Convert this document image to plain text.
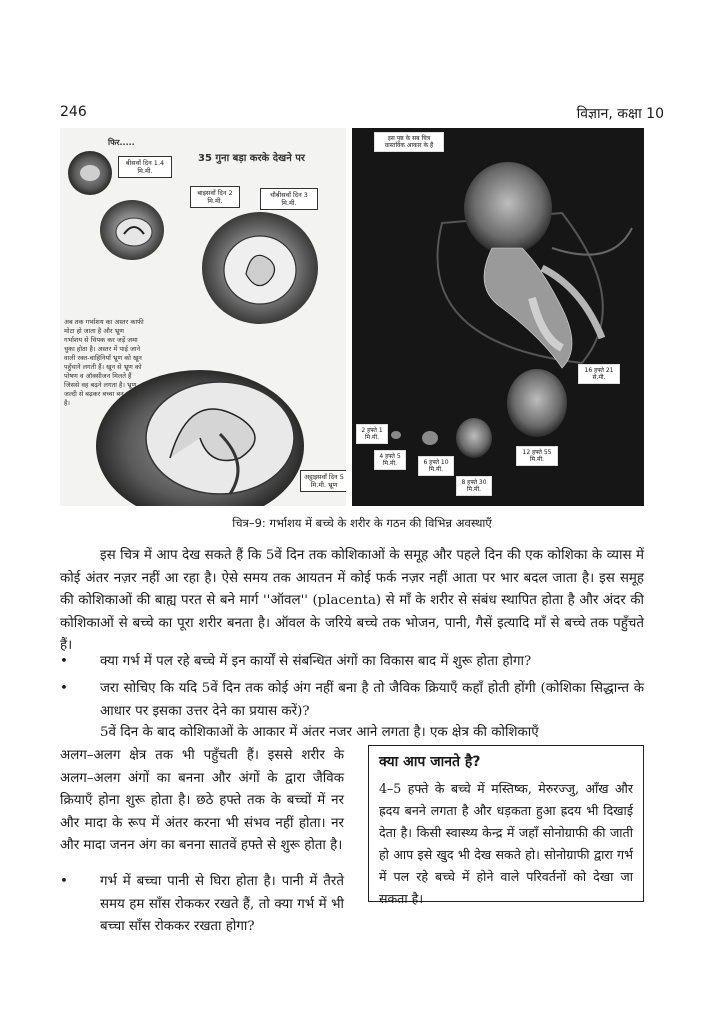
246	विज्ञान, कक्षा 10
फिर.....
35 गुना बड़ा करके देखने पर
बीसवाँ दिन 1.4 मि.मी.
बाइसवाँ दिन 2 मि.मी.
चौबीसवाँ दिन 3 मि.मी.
अब तक गर्भाशय का अस्तर काफी मोटा हो जाता है और भ्रूण गर्भाशय से चिपक कर जड़ें जमा चुका होता है। अस्तर में पाई जाने वाली रक्त-वाहिनियाँ भ्रूण को खून पहुँचाने लगती हैं। खून से भ्रूण को पोषण व ऑक्सीजन मिलते हैं जिससे वह बढ़ने लगता है। भ्रूण जल्दी से बढ़कर बच्चा बन जाता है।
अट्ठाइसवाँ दिन 5 मि.मी. भ्रूण
इस पृष्ठ के सब चित्र वास्तविक आकार के हैं
2 हफ्ते 1 मि.मी.
4 हफ्ते 5 मि.मी.	6 हफ्ते 10 मि.मी.
8 हफ्ते 30 मि.मी.
12 हफ्ते 55 मि.मी.
16 हफ्ते 21 से.मी.
चित्र–9: गर्भाशय में बच्चे के शरीर के गठन की विभिन्न अवस्थाएँ
इस चित्र में आप देख सकते हैं कि 5वें दिन तक कोशिकाओं के समूह और पहले दिन की एक कोशिका के व्यास में कोई अंतर नज़र नहीं आ रहा है। ऐसे समय तक आयतन में कोई फर्क नज़र नहीं आता पर भार बदल जाता है। इस समूह की कोशिकाओं की बाह्य परत से बने मार्ग ''ऑवल'' (placenta) से माँ के शरीर से संबंध स्थापित होता है और अंदर की कोशिकाओं से बच्चे का पूरा शरीर बनता है। ऑवल के जरिये बच्चे तक भोजन, पानी, गैसें इत्यादि माँ से बच्चे तक पहुँचते हैं।
• क्या गर्भ में पल रहे बच्चे में इन कार्यों से संबन्धित अंगों का विकास बाद में शुरू होता होगा?
• जरा सोचिए कि यदि 5वें दिन तक कोई अंग नहीं बना है तो जैविक क्रियाएँ कहाँ होती होंगी (कोशिका सिद्धान्त के आधार पर इसका उत्तर देने का प्रयास करें)?
5वें दिन के बाद कोशिकाओं के आकार में अंतर नजर आने लगता है। एक क्षेत्र की कोशिकाएँ
अलग–अलग क्षेत्र तक भी पहुँचती हैं। इससे शरीर के अलग–अलग अंगों का बनना और अंगों के द्वारा जैविक क्रियाएँ होना शुरू होता है। छठे हफ्ते तक के बच्चों में नर और मादा के रूप में अंतर करना भी संभव नहीं होता। नर और मादा जनन अंग का बनना सातवें हफ्ते से शुरू होता है।
• गर्भ में बच्चा पानी से घिरा होता है। पानी में तैरते समय हम साँस रोककर रखते हैं, तो क्या गर्भ में भी बच्चा साँस रोककर रखता होगा?
क्या आप जानते है?
4–5 हफ्ते के बच्चे में मस्तिष्क, मेरुरज्जु, आँख और ह्रदय बनने लगता है और धड़कता हुआ ह्रदय भी दिखाई देता है। किसी स्वास्थ्य केन्द्र में जहाँ सोनोग्राफी की जाती हो आप इसे खुद भी देख सकते हो। सोनोग्राफी द्वारा गर्भ में पल रहे बच्चे में होने वाले परिवर्तनों को देखा जा सकता है।
